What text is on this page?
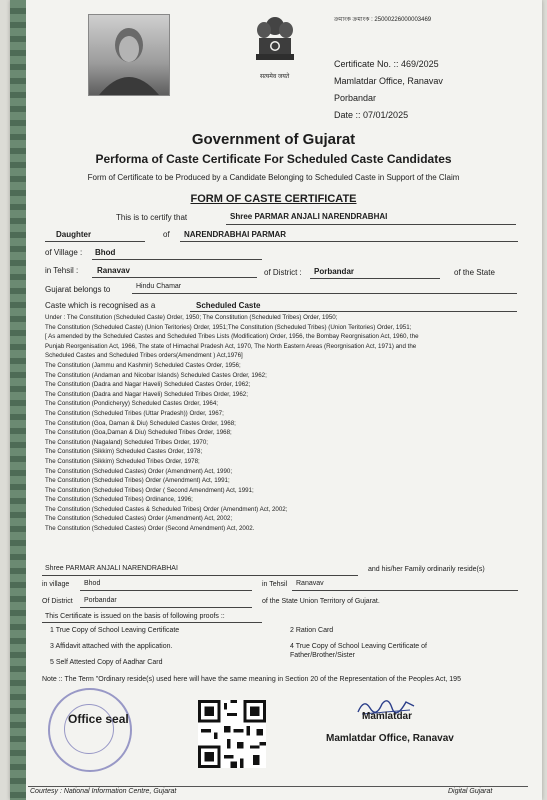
सत्यमेव जयते
ক্রমাংক ক্রমাংক : 25000226000003469
Certificate No. :: 469/2025
Mamlatdar Office, Ranavav
Porbandar
Date :: 07/01/2025
Government of Gujarat
Performa of Caste Certificate For Scheduled Caste Candidates
Form of Certificate to be Produced by a Candidate Belonging to Scheduled Caste in Support of the Claim
FORM OF CASTE CERTIFICATE
This is to certify that	Shree PARMAR ANJALI NARENDRABHAI
Daughter	of NARENDRABHAI PARMAR
of Village : Bhod
in Tehsil : Ranavav	of District : Porbandar	of the State
Gujarat belongs to	Hindu Chamar
Caste which is recognised as a	Scheduled Caste
Under : The Constitution (Scheduled Caste) Order, 1950; The Constitution (Scheduled Tribes) Order, 1950;
The Constitution (Scheduled Caste) (Union Teritories) Order, 1951;The Constitution (Scheduled Tribes) (Union Teritories) Order, 1951;
[ As amended by the Scheduled Castes and Scheduled Tribes Lists (Modification) Order, 1956, the Bombay Reorgnisation Act, 1960, the
Punjab Reorgenisation Act, 1966, The state of Himachal Pradesh Act, 1970, The North Eastern Areas (Reorgnisation Act, 1971) and the
Scheduled Castes and Scheduled Tribes orders(Amendment ) Act,1976]
The Constitution (Jammu and Kashmir) Scheduled Castes Order, 1956;
The Constitution (Andaman and Nicobar Islands) Scheduled Castes Order, 1962;
The Constitution (Dadra and Nagar Haveli) Scheduled Castes Order, 1962;
The Constitution (Dadra and Nagar Haveli) Scheduled Tribes Order, 1962;
The Constitution (Pondicheryy) Scheduled Castes Order, 1964;
The Constitution (Scheduled Tribes (Uttar Pradesh)) Order, 1967;
The Constitution (Goa, Daman & Diu) Scheduled Castes Order, 1968;
The Constitution (Goa,Daman & Diu) Scheduled Tribes Order, 1968;
The Constitution (Nagaland) Scheduled Tribes Order, 1970;
The Constitution (Sikkim) Scheduled Castes Order, 1978;
The Constitution (Sikkim) Scheduled Tribes Order, 1978;
The Constitution (Scheduled Castes) Order (Amendment) Act, 1990;
The Constitution (Scheduled Tribes) Order (Amendment) Act, 1991;
The Constitution (Scheduled Tribes) Order ( Second Amendment) Act, 1991;
The Constitution (Scheduled Tribes) Ordinance, 1996;
The Constitution (Scheduled Castes & Scheduled Tribes) Order (Amendment) Act, 2002;
The Constitution (Scheduled Castes) Order (Amendment) Act, 2002;
The Constitution (Scheduled Castes) Order (Second Amendment) Act, 2002.
Shree PARMAR ANJALI NARENDRABHAI	and his/her Family ordinarily reside(s)
in village Bhod	in Tehsil Ranavav
Of District Porbandar	of the State Union Territory of Gujarat.
This Certificate is issued on the basis of following proofs ::
1 True Copy of School Leaving Certificate	2 Ration Card
3 Affidavit attached with the application.	4 True Copy of School Leaving Certificate of Father/Brother/Sister
5 Self Attested Copy of Aadhar Card
Note :: The Term "Ordinary reside(s) used here will have the same meaning in Section 20 of the Representation of the Peoples Act, 195
Office seal	Mamlatdar
Mamlatdar Office, Ranavav
Courtesy : National Information Centre, Gujarat	Digital Gujarat
